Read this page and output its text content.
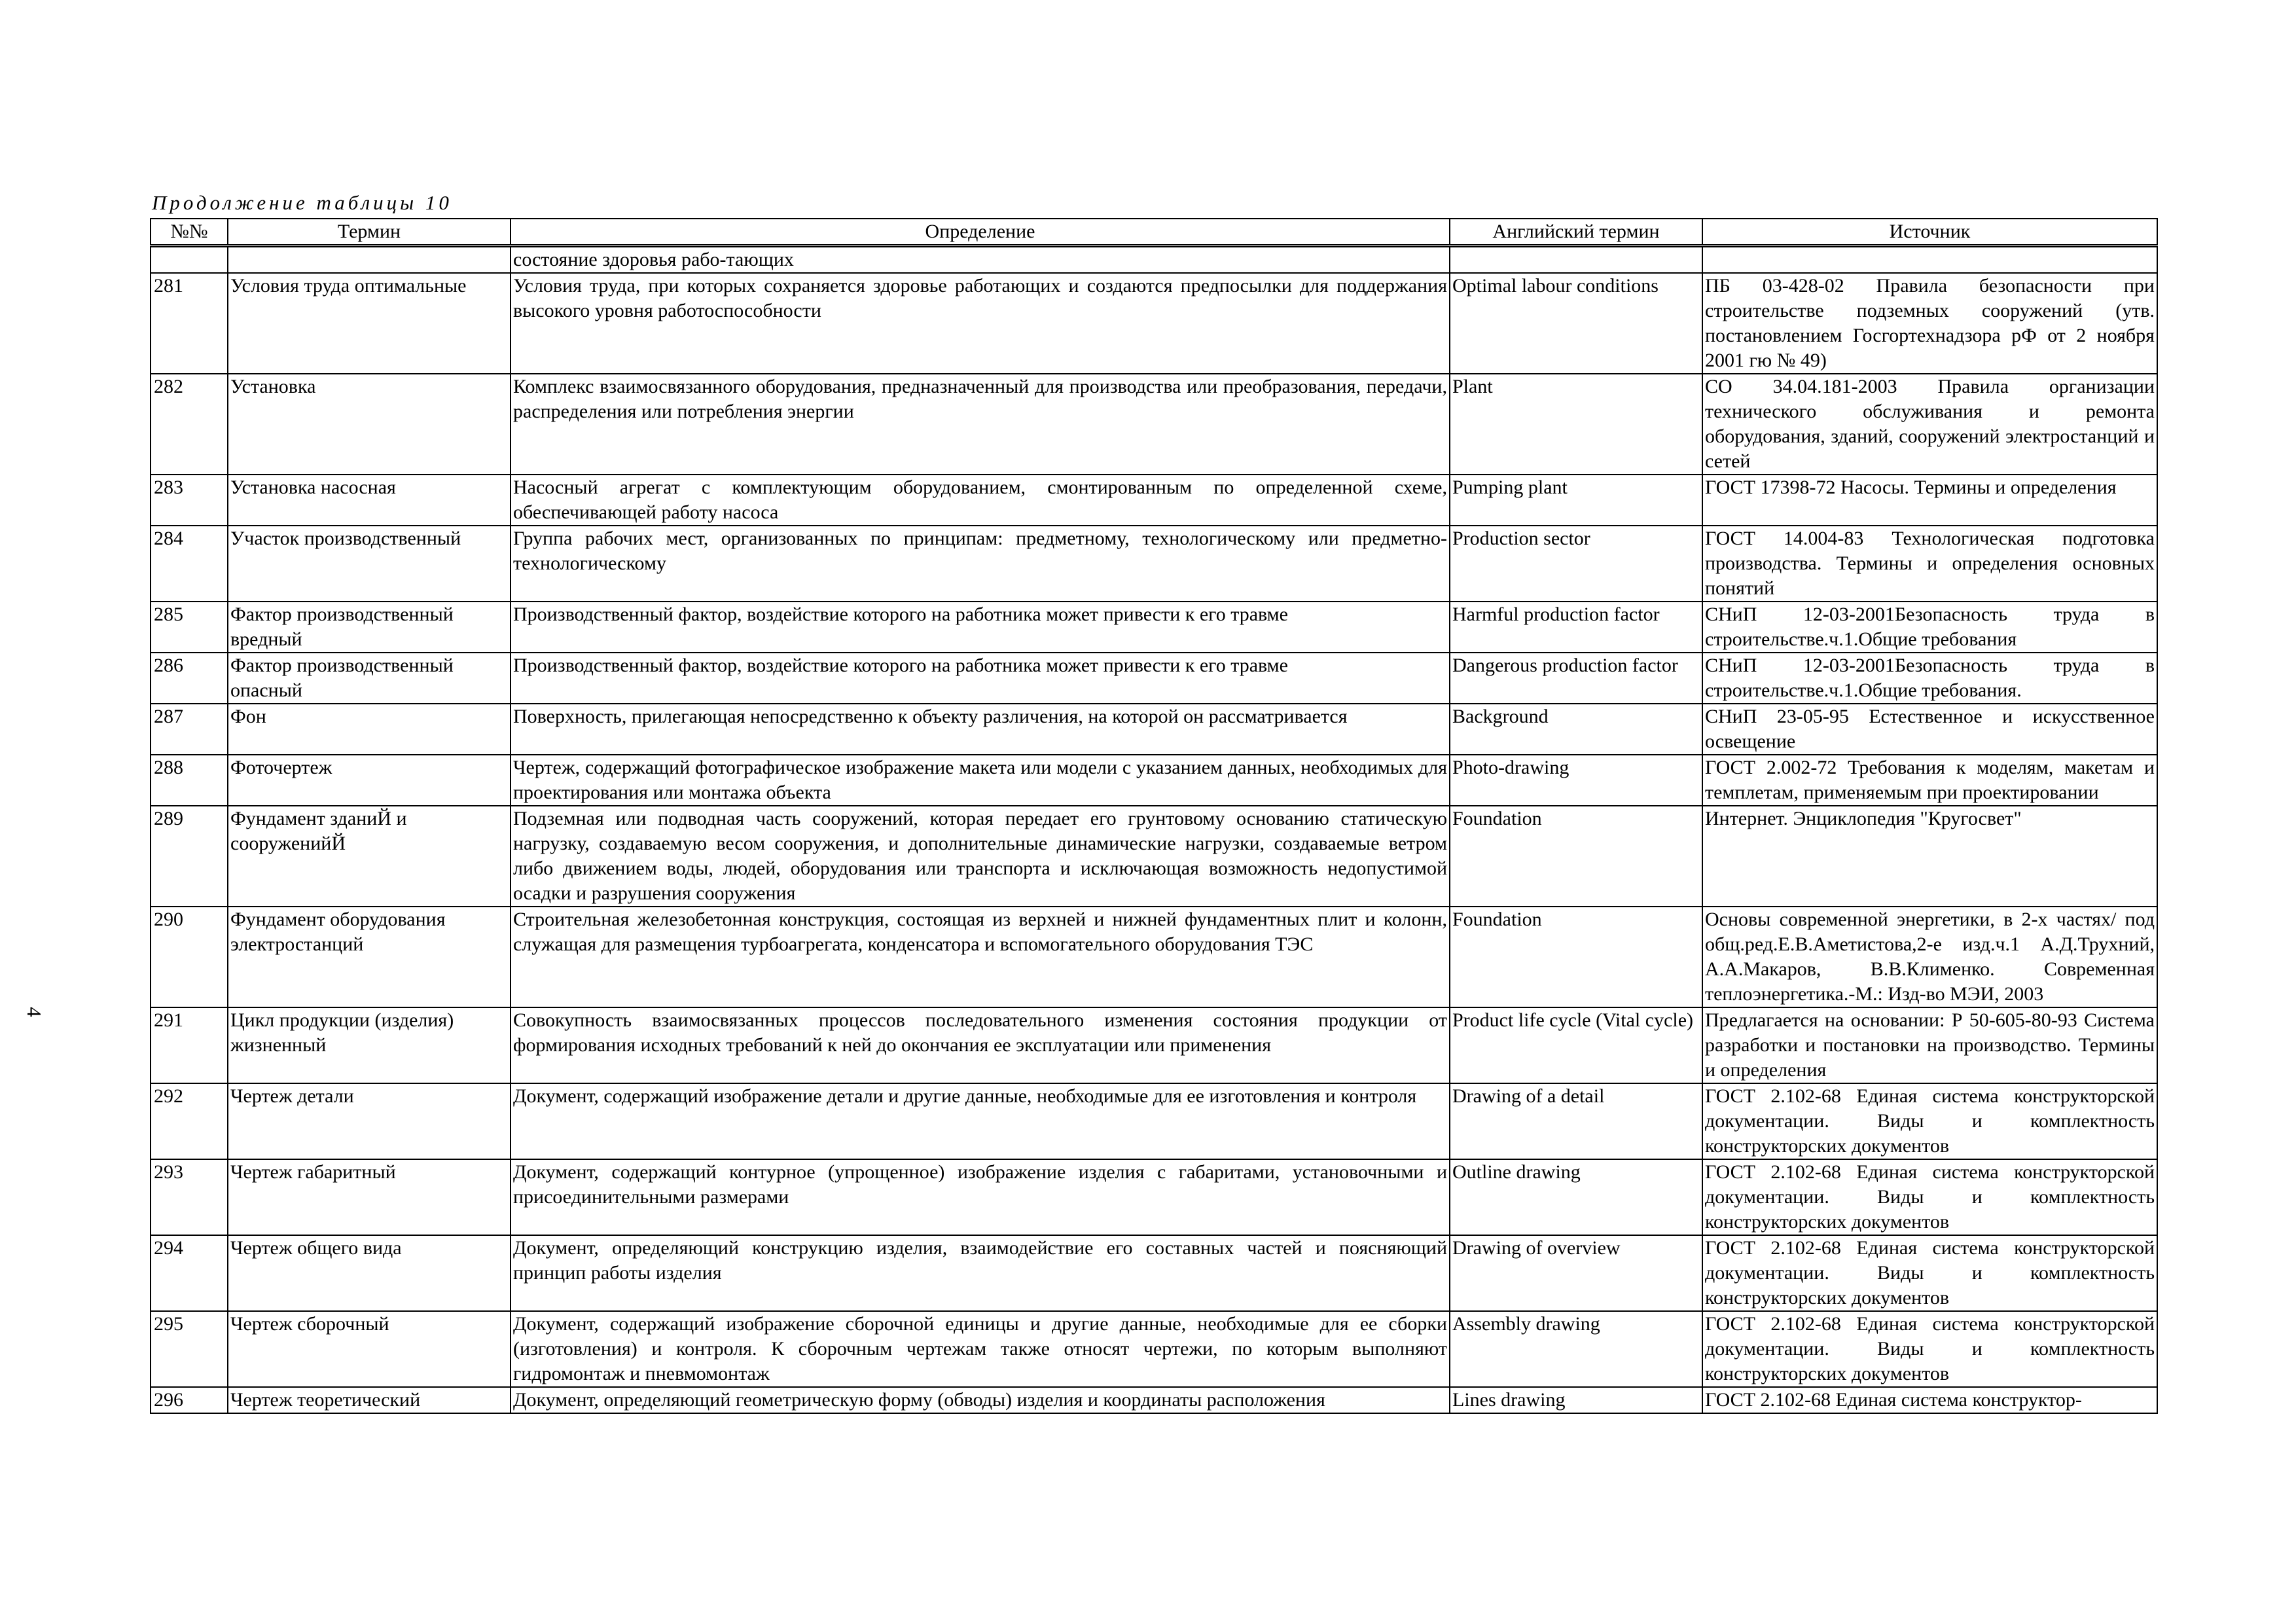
Продолжение таблицы 10
4
№№	Термин	Определение	Английский термин	Источник
		состояние здоровья рабо-тающих		
281	Условия труда оптимальные	Условия труда, при которых сохраняется здоровье работающих и создаются предпосылки для поддержания высокого уровня работоспособности	Optimal labour conditions	ПБ 03-428-02 Правила безопасности при строительстве подземных сооружений (утв. постановлением Госгортехнадзора рФ от 2 ноября 2001 гю № 49)
282	Установка	Комплекс взаимосвязанного оборудования, предназначенный для производства или преобразования, передачи, распределения или потребления энергии	Plant	СО 34.04.181-2003 Правила организации технического обслуживания и ремонта оборудования, зданий, сооружений электростанций и сетей
283	Установка насосная	Насосный агрегат с комплектующим оборудованием, смонтированным по определенной схеме, обеспечивающей работу насоса	Pumping plant	ГОСТ 17398-72 Насосы. Термины и определения
284	Участок производственный	Группа рабочих мест, организованных по принципам: предметному, технологическому или предметно-технологическому	Production sector	ГОСТ 14.004-83 Технологическая подготовка производства. Термины и определения основных понятий
285	Фактор производственный вредный	Производственный фактор, воздействие которого на работника может привести к его травме	Harmful production factor	СНиП 12-03-2001Безопасность труда в строительстве.ч.1.Общие требования
286	Фактор производственный опасный	Производственный фактор, воздействие которого на работника может привести к его травме	Dangerous production factor	СНиП 12-03-2001Безопасность труда в строительстве.ч.1.Общие требования.
287	Фон	Поверхность, прилегающая непосредственно к объекту различения, на которой он рассматривается	Background	СНиП 23-05-95 Естественное и искусственное освещение
288	Фоточертеж	Чертеж, содержащий фотографическое изображение макета или модели с указанием данных, необходимых для проектирования или монтажа объекта	Photo-drawing	ГОСТ 2.002-72 Требования к моделям, макетам и темплетам, применяемым при проектировании
289	Фундамент зданиЙ и сооруженийЙ	Подземная или подводная часть сооружений, которая передает его грунтовому основанию статическую нагрузку, создаваемую весом сооружения, и дополнительные динамические нагрузки, создаваемые ветром либо движением воды, людей, оборудования или транспорта и исключающая возможность недопустимой осадки и разрушения сооружения	Foundation	Интернет. Энциклопедия "Кругосвет"
290	Фундамент оборудования электростанций	Строительная железобетонная конструкция, состоящая из верхней и нижней фундаментных плит и колонн, служащая для размещения турбоагрегата, конденсатора и вспомогательного оборудования ТЭС	Foundation	Основы современной энергетики, в 2-х частях/ под общ.ред.Е.В.Аметистова,2-е изд.ч.1 А.Д.Трухний, А.А.Макаров, В.В.Клименко. Современная теплоэнергетика.-М.: Изд-во МЭИ, 2003
291	Цикл продукции (изделия) жизненный	Совокупность взаимосвязанных процессов последовательного изменения состояния продукции от формирования исходных требований к ней до окончания ее эксплуатации или применения	Product life cycle (Vital cycle)	Предлагается на основании: Р 50-605-80-93 Система разработки и постановки на производство. Термины и определения
292	Чертеж детали	Документ, содержащий изображение детали и другие данные, необходимые для ее изготовления и контроля	Drawing of a detail	ГОСТ 2.102-68 Единая система конструкторской документации. Виды и комплектность конструкторских документов
293	Чертеж габаритный	Документ, содержащий контурное (упрощенное) изображение изделия с габаритами, установочными и присоединительными размерами	Outline drawing	ГОСТ 2.102-68 Единая система конструкторской документации. Виды и комплектность конструкторских документов
294	Чертеж общего вида	Документ, определяющий конструкцию изделия, взаимодействие его составных частей и поясняющий принцип работы изделия	Drawing of overview	ГОСТ 2.102-68 Единая система конструкторской документации. Виды и комплектность конструкторских документов
295	Чертеж сборочный	Документ, содержащий изображение сборочной единицы и другие данные, необходимые для ее сборки (изготовления) и контроля. К сборочным чертежам также относят чертежи, по которым выполняют гидромонтаж и пневмомонтаж	Assembly drawing	ГОСТ 2.102-68 Единая система конструкторской документации. Виды и комплектность конструкторских документов
296	Чертеж теоретический	Документ, определяющий геометрическую форму (обводы) изделия и координаты расположения	Lines drawing	ГОСТ 2.102-68 Единая система конструктор-
